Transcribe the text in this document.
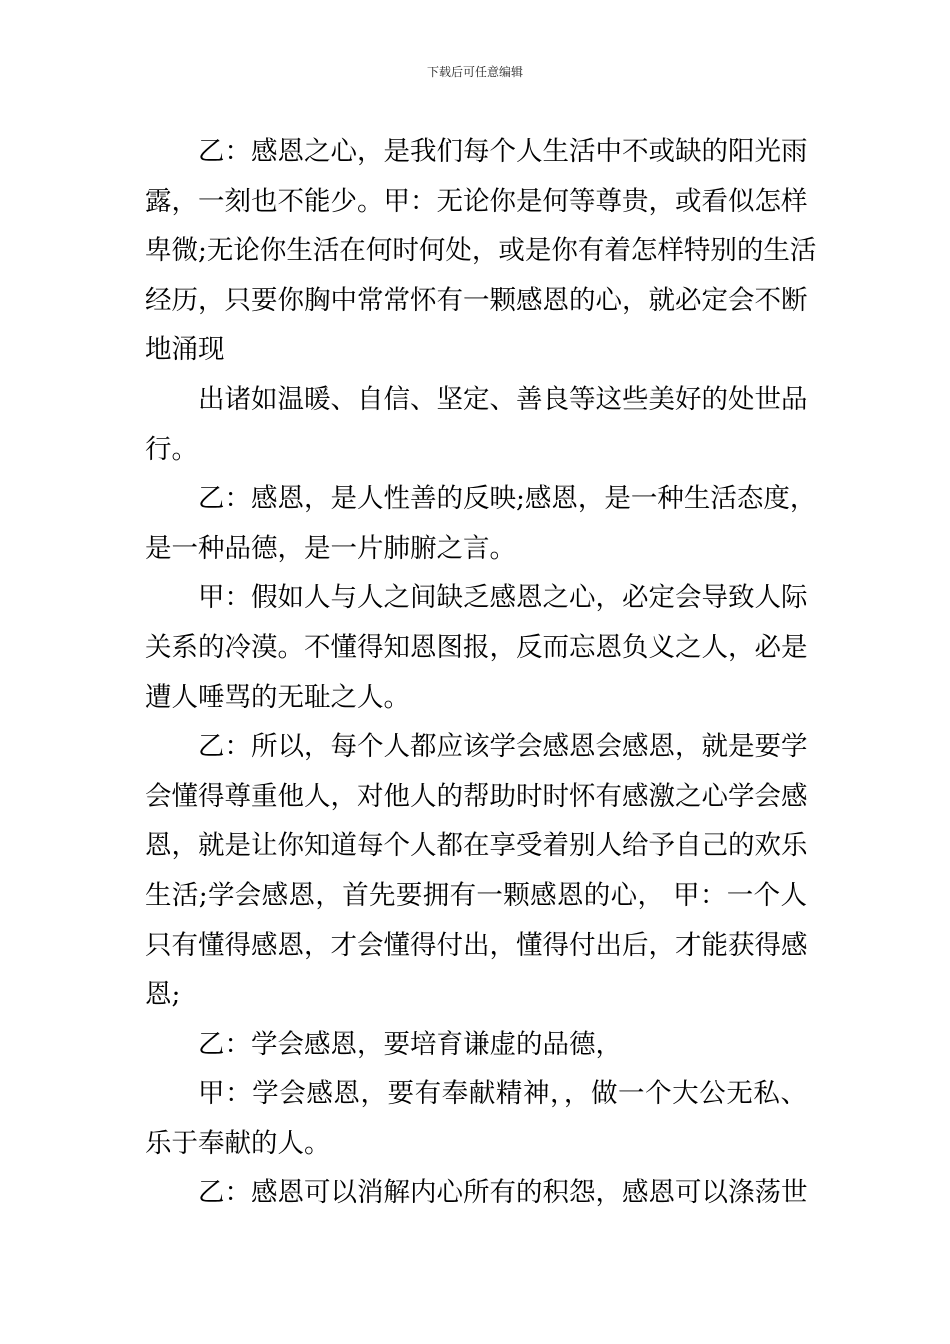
下载后可任意编辑
乙：感恩之心，是我们每个人生活中不或缺的阳光雨
露，一刻也不能少。甲：无论你是何等尊贵，或看似怎样
卑微;无论你生活在何时何处，或是你有着怎样特别的生活
经历，只要你胸中常常怀有一颗感恩的心，就必定会不断
地涌现
出诸如温暖、自信、坚定、善良等这些美好的处世品
行。
乙：感恩，是人性善的反映;感恩，是一种生活态度，
是一种品德，是一片肺腑之言。
甲：假如人与人之间缺乏感恩之心，必定会导致人际
关系的冷漠。不懂得知恩图报，反而忘恩负义之人，必是
遭人唾骂的无耻之人。
乙：所以，每个人都应该学会感恩会感恩，就是要学
会懂得尊重他人，对他人的帮助时时怀有感激之心学会感
恩，就是让你知道每个人都在享受着别人给予自己的欢乐
生活;学会感恩，首先要拥有一颗感恩的心， 甲：一个人
只有懂得感恩，才会懂得付出，懂得付出后，才能获得感
恩;
乙：学会感恩，要培育谦虚的品德，
甲：学会感恩，要有奉献精神，，做一个大公无私、
乐于奉献的人。
乙：感恩可以消解内心所有的积怨，感恩可以涤荡世
